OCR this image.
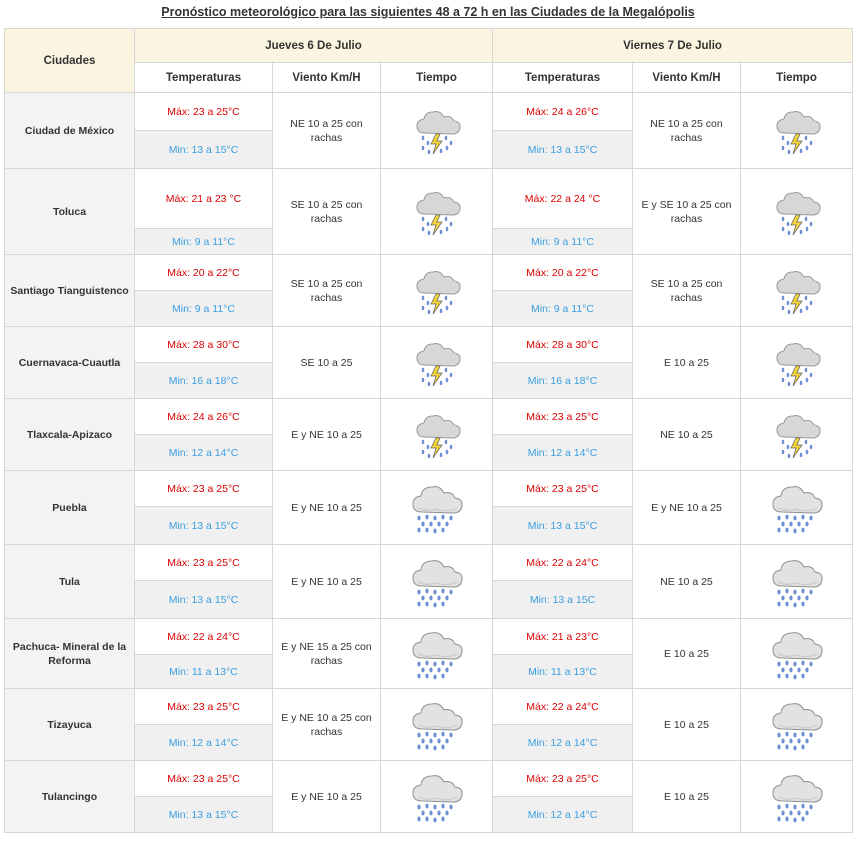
Pronóstico meteorológico para las siguientes 48 a 72 h en las Ciudades de la Megalópolis
Ciudades	Jueves 6 De Julio			Viernes 7 De Julio		
	Temperaturas	Viento Km/H	Tiempo	Temperaturas	Viento Km/H	Tiempo
Ciudad de México	Máx: 23 a 25°C	NE 10 a 25 con rachas		Máx: 24 a 26°C	NE 10 a 25 con rachas	

	Min: 13 a 15°C			Min: 13 a 15°C		
Toluca	Máx: 21 a 23 °C	SE 10 a 25 con rachas		Máx: 22 a 24 °C	E y SE 10 a 25 con rachas	

	Min: 9 a 11°C			Min: 9 a 11°C		
Santiago Tianguistenco	Máx: 20 a 22°C	SE 10 a 25 con rachas		Máx: 20 a 22°C	SE 10 a 25 con rachas	

	Min: 9 a 11°C			Min: 9 a 11°C		
Cuernavaca-Cuautla	Máx: 28 a 30°C	SE 10 a 25		Máx: 28 a 30°C	E 10 a 25	

	Min: 16 a 18°C			Min: 16 a 18°C		
Tlaxcala-Apizaco	Máx: 24 a 26°C	E y NE 10 a 25		Máx: 23 a 25°C	NE 10 a 25	

	Min: 12 a 14°C			Min: 12 a 14°C		
Puebla	Máx: 23 a 25°C	E y NE 10 a 25		Máx: 23 a 25°C	E y NE 10 a 25	

	Min: 13 a 15°C			Min: 13 a 15°C		
Tula	Máx: 23 a 25°C	E y NE 10 a 25		Máx: 22 a 24°C	NE 10 a 25	

	Min: 13 a 15°C			Min: 13 a 15C		
Pachuca- Mineral de la Reforma	Máx: 22 a 24°C	E y NE 15 a 25 con rachas		Máx: 21 a 23°C	E 10 a 25	

	Min: 11 a 13°C			Min: 11 a 13°C		
Tizayuca	Máx: 23 a 25°C	E y NE 10 a 25 con rachas		Máx: 22 a 24°C	E 10 a 25	

	Min: 12 a 14°C			Min: 12 a 14°C		
Tulancingo	Máx: 23 a 25°C	E y NE 10 a 25		Máx: 23 a 25°C	E 10 a 25	

	Min: 13 a 15°C			Min: 12 a 14°C		
